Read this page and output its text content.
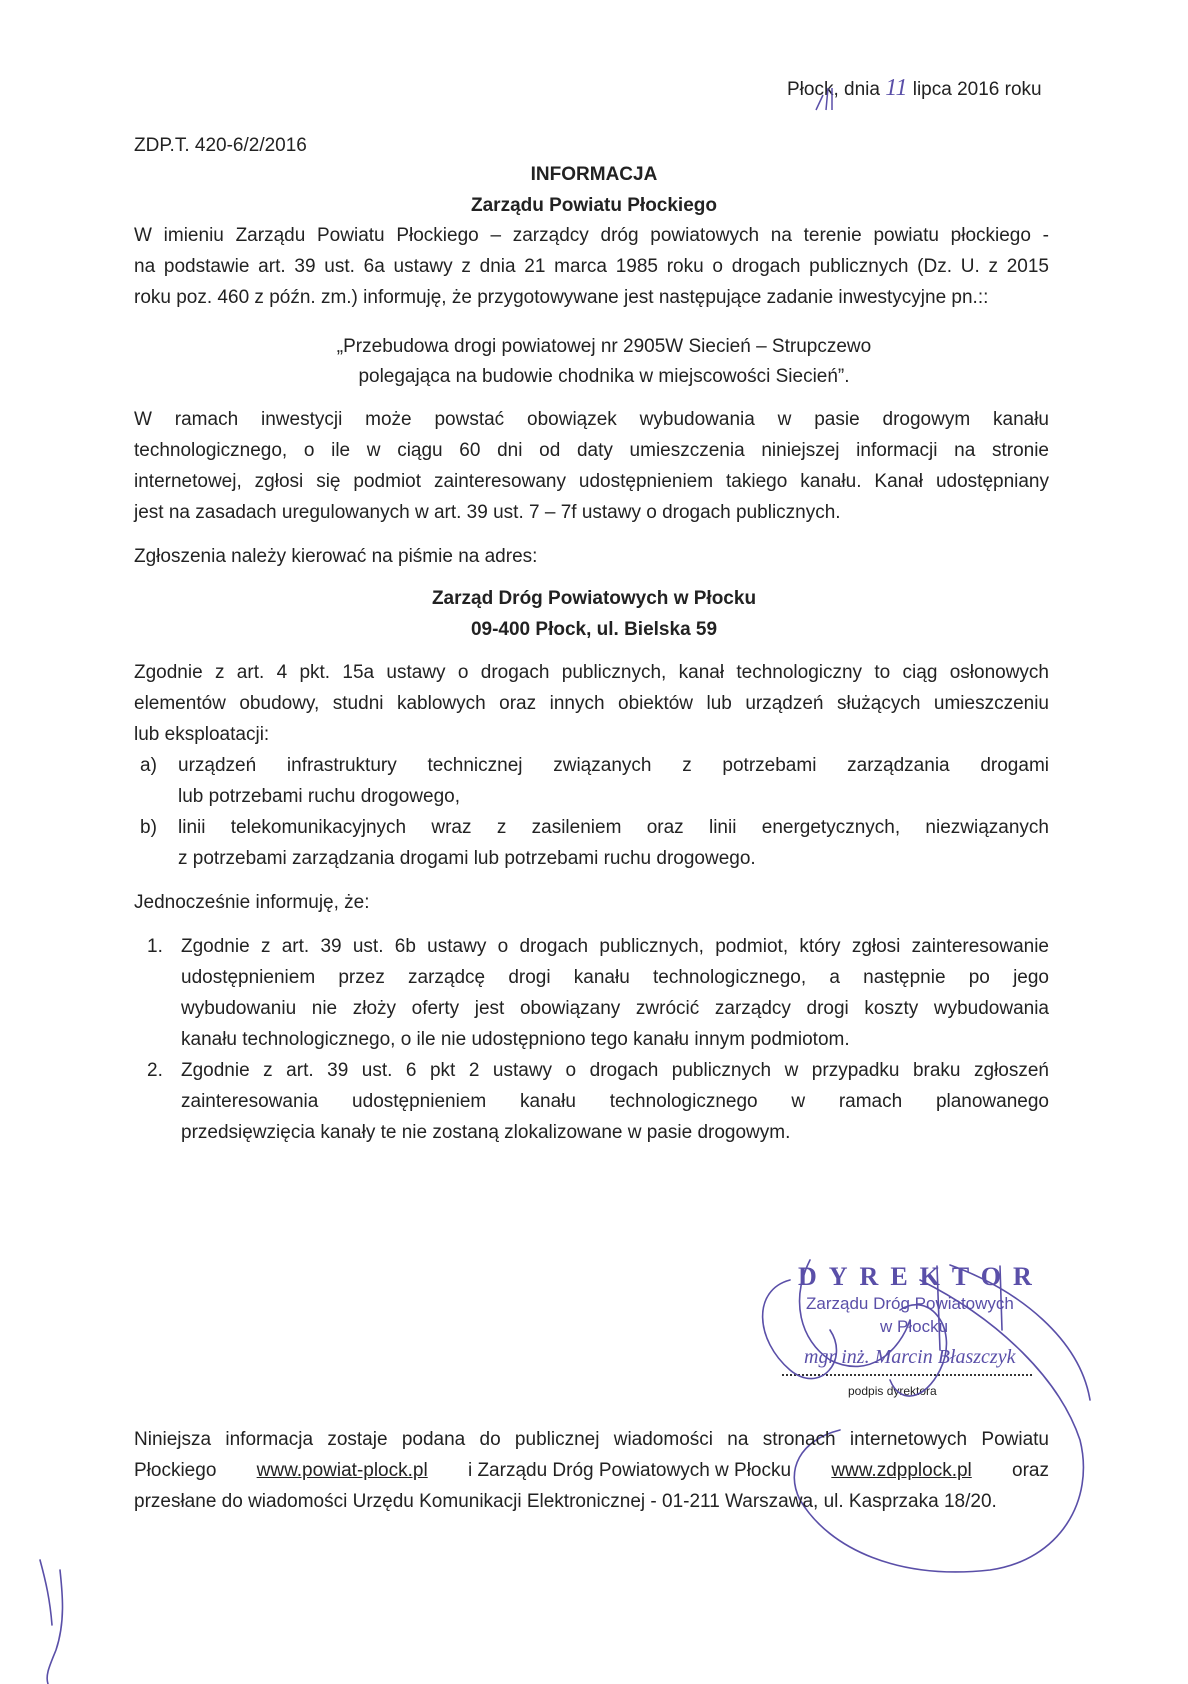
Płock, dnia 11 lipca 2016 roku
ZDP.T. 420-6/2/2016
INFORMACJA
Zarządu Powiatu Płockiego
W imieniu Zarządu Powiatu Płockiego – zarządcy dróg powiatowych na terenie powiatu płockiego -
na podstawie art. 39 ust. 6a ustawy z dnia 21 marca 1985 roku o drogach publicznych (Dz. U. z 2015
roku poz. 460 z późn. zm.) informuję, że przygotowywane jest następujące zadanie inwestycyjne pn.::
„Przebudowa drogi powiatowej nr 2905W Siecień – Strupczewo
polegająca na budowie chodnika w miejscowości Siecień”.
W ramach inwestycji może powstać obowiązek wybudowania w pasie drogowym kanału
technologicznego, o ile w ciągu 60 dni od daty umieszczenia niniejszej informacji na stronie
internetowej, zgłosi się podmiot zainteresowany udostępnieniem takiego kanału. Kanał udostępniany
jest na zasadach uregulowanych w art. 39 ust. 7 – 7f ustawy o drogach publicznych.
Zgłoszenia należy kierować na piśmie na adres:
Zarząd Dróg Powiatowych w Płocku
09-400 Płock, ul. Bielska 59
Zgodnie z art. 4 pkt. 15a ustawy o drogach publicznych, kanał technologiczny to ciąg osłonowych
elementów obudowy, studni kablowych oraz innych obiektów lub urządzeń służących umieszczeniu
lub eksploatacji:
a) urządzeń infrastruktury technicznej związanych z potrzebami zarządzania drogami
lub potrzebami ruchu drogowego,
b) linii telekomunikacyjnych wraz z zasileniem oraz linii energetycznych, niezwiązanych
z potrzebami zarządzania drogami lub potrzebami ruchu drogowego.
Jednocześnie informuję, że:
1. Zgodnie z art. 39 ust. 6b ustawy o drogach publicznych, podmiot, który zgłosi zainteresowanie
udostępnieniem przez zarządcę drogi kanału technologicznego, a następnie po jego
wybudowaniu nie złoży oferty jest obowiązany zwrócić zarządcy drogi koszty wybudowania
kanału technologicznego, o ile nie udostępniono tego kanału innym podmiotom.
2. Zgodnie z art. 39 ust. 6 pkt 2 ustawy o drogach publicznych w przypadku braku zgłoszeń
zainteresowania udostępnieniem kanału technologicznego w ramach planowanego
przedsięwzięcia kanały te nie zostaną zlokalizowane w pasie drogowym.
DYREKTOR
Zarządu Dróg Powiatowych
w Płocku
mgr inż. Marcin Błaszczyk
podpis dyrektora
Niniejsza informacja zostaje podana do publicznej wiadomości na stronach internetowych Powiatu
Płockiego www.powiat-plock.pl i Zarządu Dróg Powiatowych w Płocku www.zdpplock.pl oraz
przesłane do wiadomości Urzędu Komunikacji Elektronicznej - 01-211 Warszawa, ul. Kasprzaka 18/20.
